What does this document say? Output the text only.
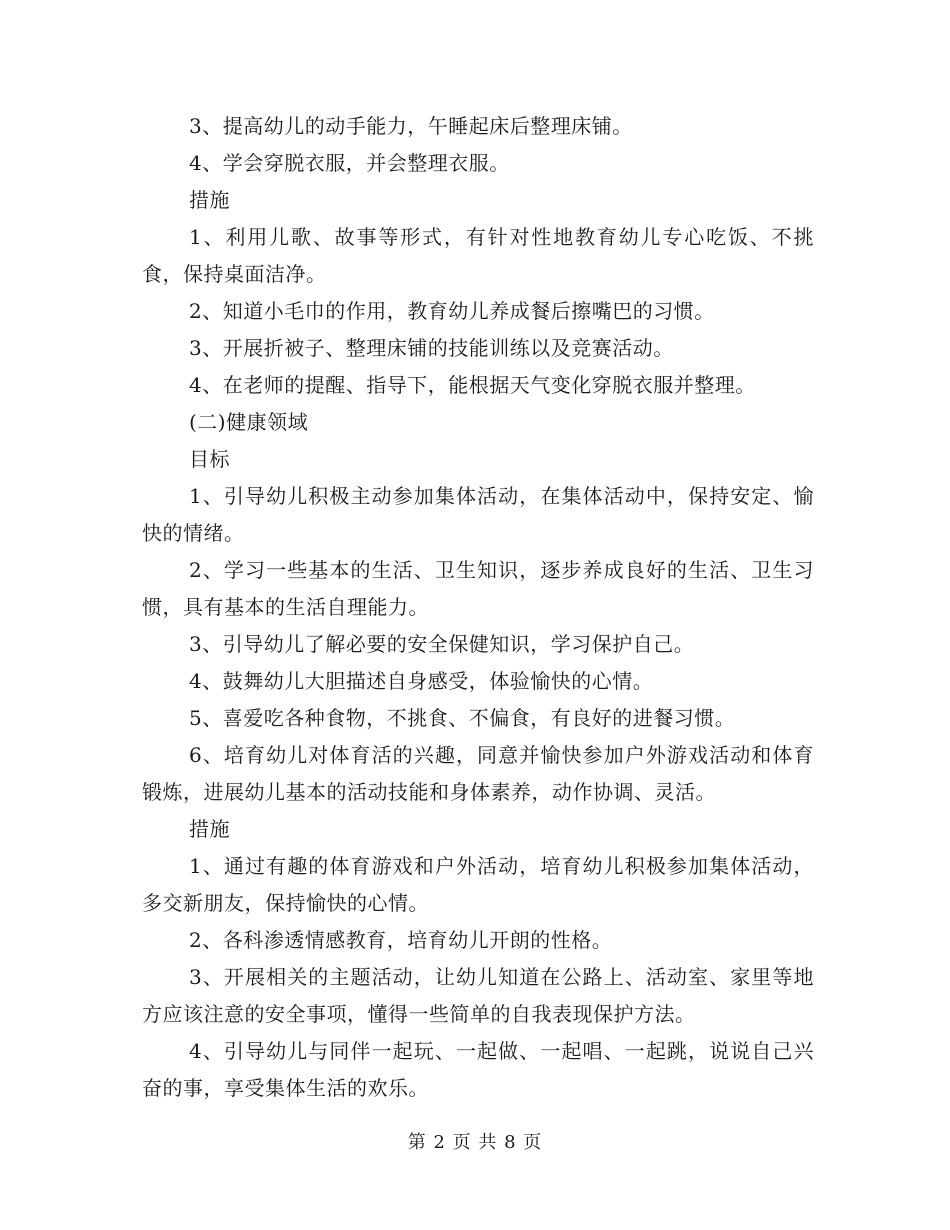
3、提高幼儿的动手能力，午睡起床后整理床铺。

4、学会穿脱衣服，并会整理衣服。

措施

1、利用儿歌、故事等形式，有针对性地教育幼儿专心吃饭、不挑食，保持桌面洁净。

2、知道小毛巾的作用，教育幼儿养成餐后擦嘴巴的习惯。

3、开展折被子、整理床铺的技能训练以及竞赛活动。

4、在老师的提醒、指导下，能根据天气变化穿脱衣服并整理。

(二)健康领域

目标

1、引导幼儿积极主动参加集体活动，在集体活动中，保持安定、愉快的情绪。

2、学习一些基本的生活、卫生知识，逐步养成良好的生活、卫生习惯，具有基本的生活自理能力。

3、引导幼儿了解必要的安全保健知识，学习保护自己。

4、鼓舞幼儿大胆描述自身感受，体验愉快的心情。

5、喜爱吃各种食物，不挑食、不偏食，有良好的进餐习惯。

6、培育幼儿对体育活的兴趣，同意并愉快参加户外游戏活动和体育锻炼，进展幼儿基本的活动技能和身体素养，动作协调、灵活。

措施

1、通过有趣的体育游戏和户外活动，培育幼儿积极参加集体活动，多交新朋友，保持愉快的心情。

2、各科渗透情感教育，培育幼儿开朗的性格。

3、开展相关的主题活动，让幼儿知道在公路上、活动室、家里等地方应该注意的安全事项，懂得一些简单的自我表现保护方法。

4、引导幼儿与同伴一起玩、一起做、一起唱、一起跳，说说自己兴奋的事，享受集体生活的欢乐。

第 2 页 共 8 页
